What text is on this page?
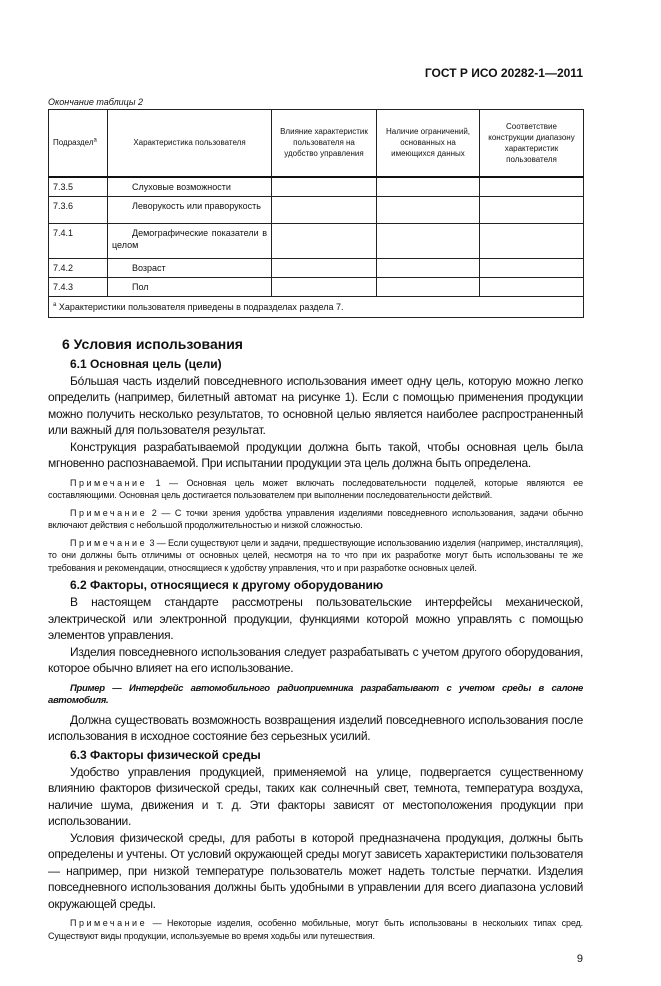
ГОСТ Р ИСО 20282-1—2011
Окончание таблицы 2
Подраздел$^a$	Характеристика пользователя	Влияние характеристик пользователя на удобство управления	Наличие ограничений, основанных на имеющихся данных	Соответствие конструкции диапазону характеристик пользователя
7.3.5	Слуховые возможности			
7.3.6	Леворукость или праворукость			
7.4.1	Демографические показатели в целом			
7.4.2	Возраст			
7.4.3	Пол			
$^a$ Характеристики пользователя приведены в подразделах раздела 7.				
6 Условия использования
6.1 Основная цель (цели)

Бóльшая часть изделий повседневного использования имеет одну цель, которую можно легко определить (например, билетный автомат на рисунке 1). Если с помощью применения продукции можно получить несколько результатов, то основной целью является наиболее распространенный или важный для пользователя результат.

Конструкция разрабатываемой продукции должна быть такой, чтобы основная цель была мгновенно распознаваемой. При испытании продукции эта цель должна быть определена.

Примечание 1 — Основная цель может включать последовательности подцелей, которые являются ее составляющими. Основная цель достигается пользователем при выполнении последовательности действий.

Примечание 2 — С точки зрения удобства управления изделиями повседневного использования, задачи обычно включают действия с небольшой продолжительностью и низкой сложностью.

Примечание 3 — Если существуют цели и задачи, предшествующие использованию изделия (например, инсталляция), то они должны быть отличимы от основных целей, несмотря на то что при их разработке могут быть использованы те же требования и рекомендации, относящиеся к удобству управления, что и при разработке основных целей.

6.2 Факторы, относящиеся к другому оборудованию

В настоящем стандарте рассмотрены пользовательские интерфейсы механической, электрической или электронной продукции, функциями которой можно управлять с помощью элементов управления.

Изделия повседневного использования следует разрабатывать с учетом другого оборудования, которое обычно влияет на его использование.

Пример — Интерфейс автомобильного радиоприемника разрабатывают с учетом среды в салоне автомобиля.

Должна существовать возможность возвращения изделий повседневного использования после использования в исходное состояние без серьезных усилий.

6.3 Факторы физической среды

Удобство управления продукцией, применяемой на улице, подвергается существенному влиянию факторов физической среды, таких как солнечный свет, темнота, температура воздуха, наличие шума, движения и т. д. Эти факторы зависят от местоположения продукции при использовании.

Условия физической среды, для работы в которой предназначена продукция, должны быть определены и учтены. От условий окружающей среды могут зависеть характеристики пользователя — например, при низкой температуре пользователь может надеть толстые перчатки. Изделия повседневного использования должны быть удобными в управлении для всего диапазона условий окружающей среды.

Примечание — Некоторые изделия, особенно мобильные, могут быть использованы в нескольких типах сред. Существуют виды продукции, используемые во время ходьбы или путешествия.

9
